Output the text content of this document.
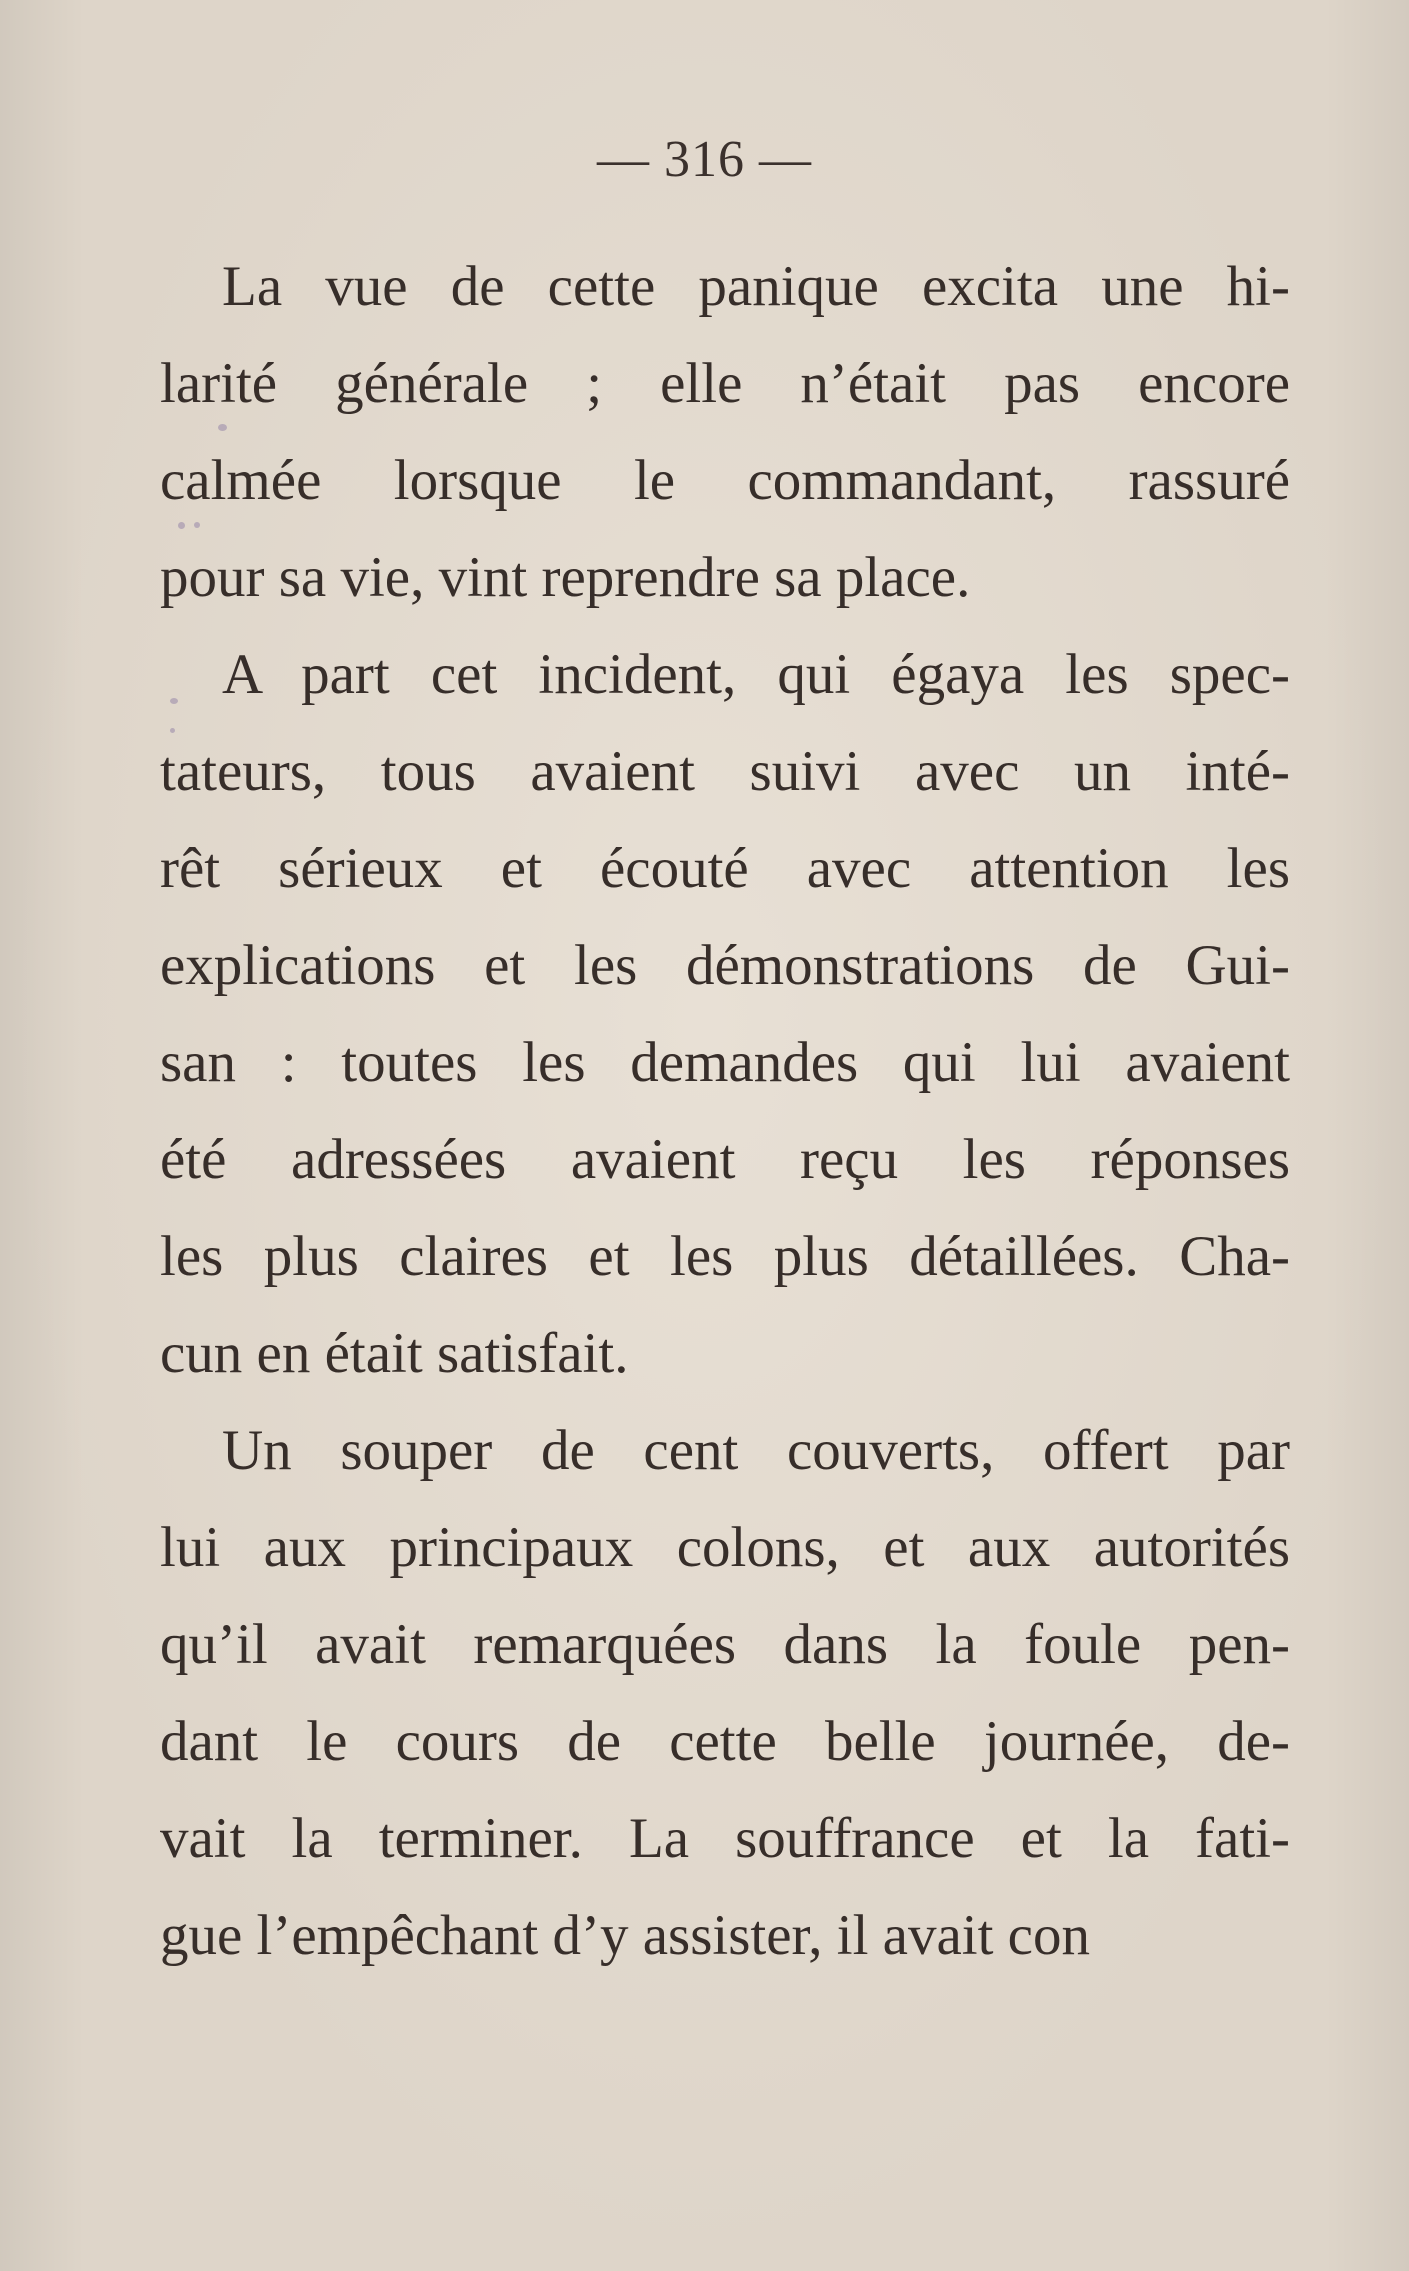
— 316 —
La vue de cette panique excita une hi-
larité générale ; elle n’était pas encore
calmée lorsque le commandant, rassuré
pour sa vie, vint reprendre sa place.
A part cet incident, qui égaya les spec-
tateurs, tous avaient suivi avec un inté-
rêt sérieux et écouté avec attention les
explications et les démonstrations de Gui-
san : toutes les demandes qui lui avaient
été adressées avaient reçu les réponses
les plus claires et les plus détaillées. Cha-
cun en était satisfait.
Un souper de cent couverts, offert par
lui aux principaux colons, et aux autorités
qu’il avait remarquées dans la foule pen-
dant le cours de cette belle journée, de-
vait la terminer. La souffrance et la fati-
gue l’empêchant d’y assister, il avait con
